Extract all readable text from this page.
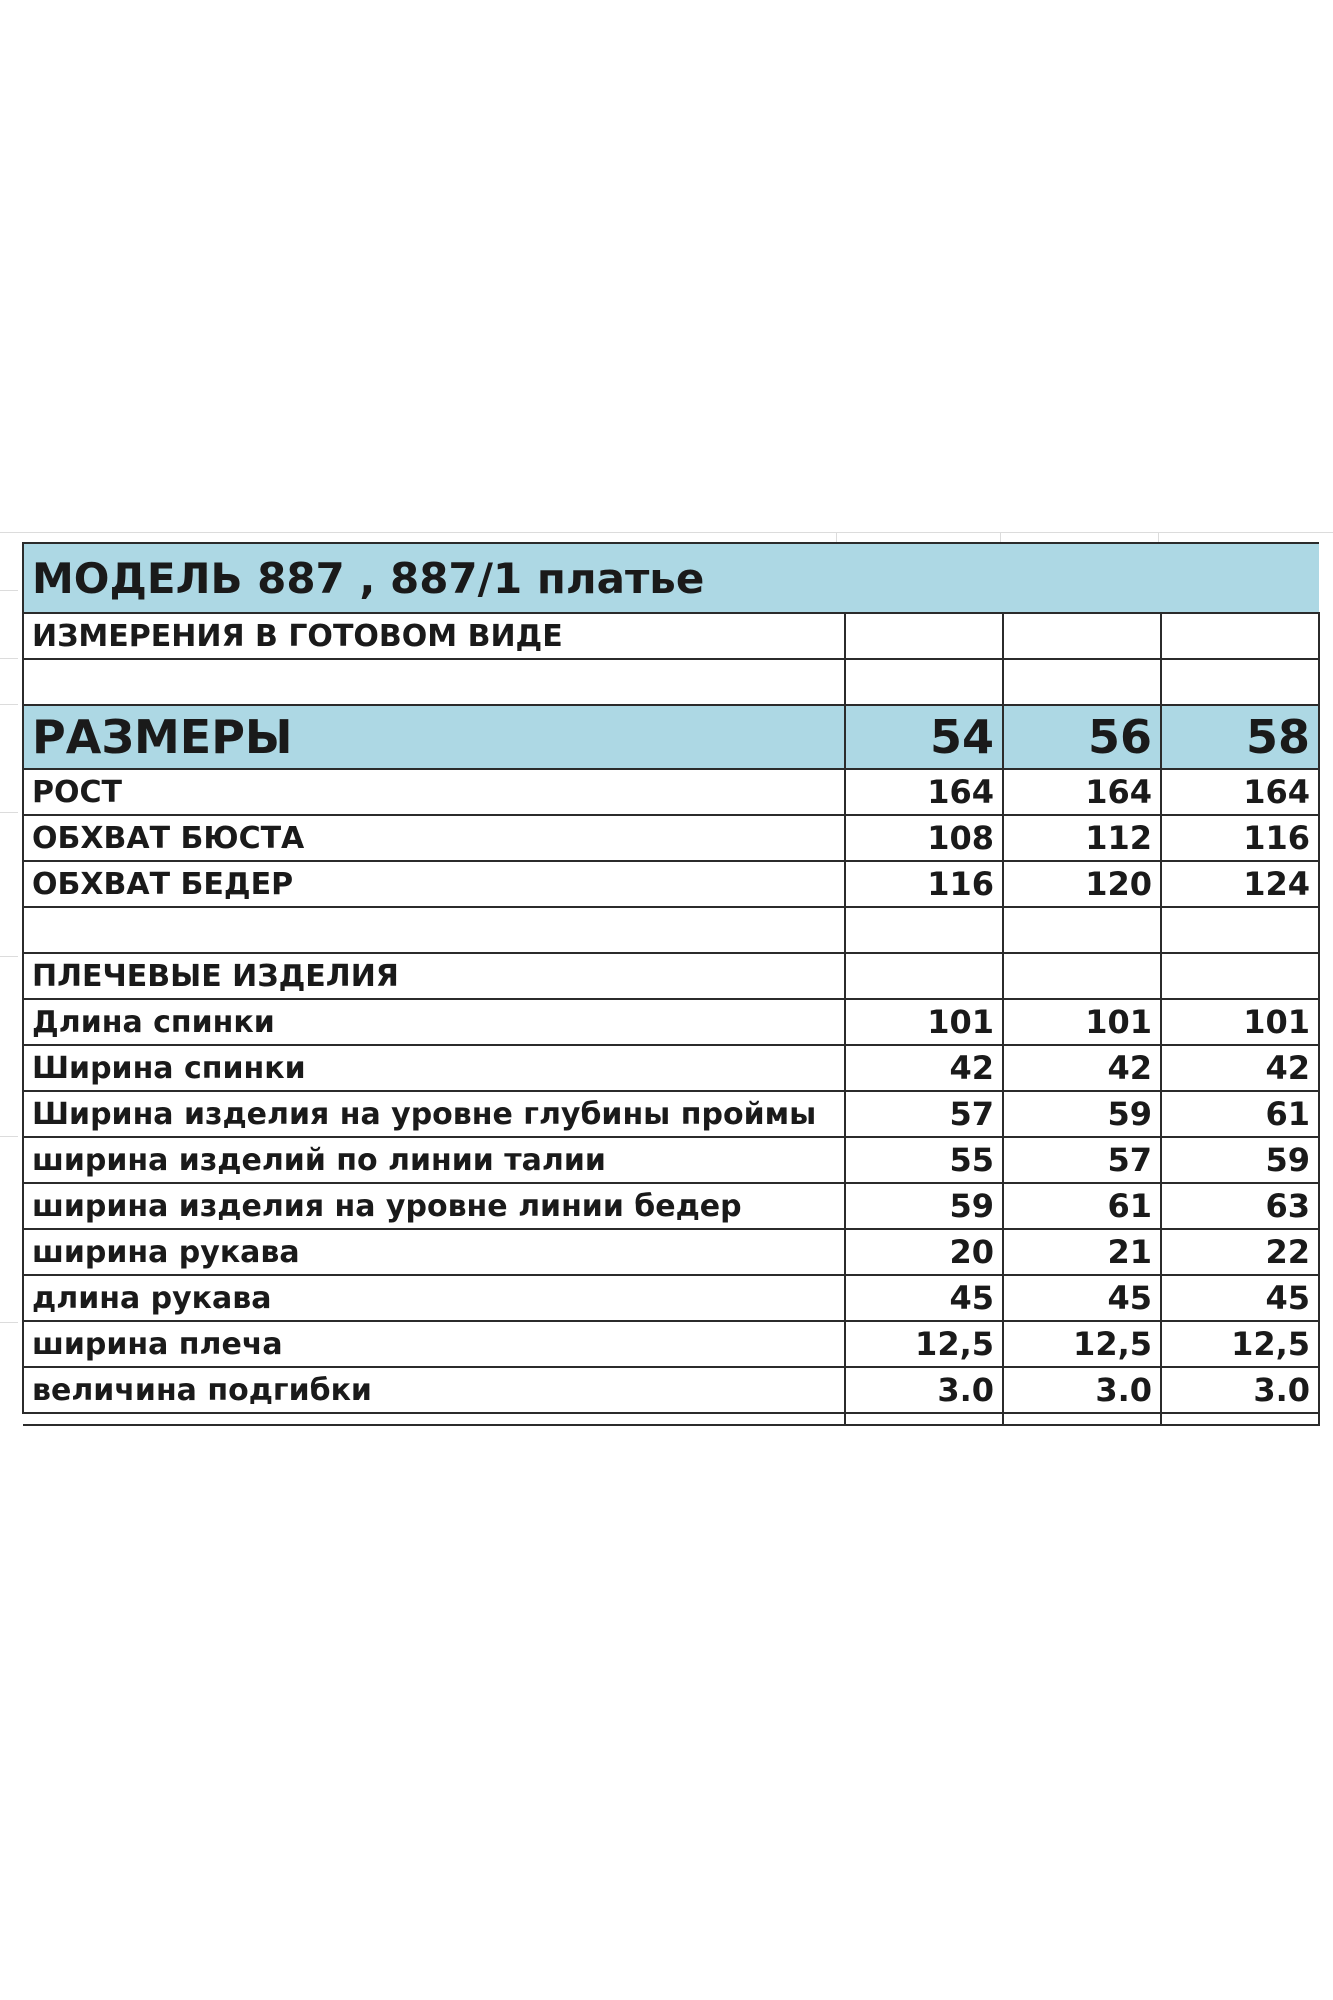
МОДЕЛЬ 887 , 887/1 платье			
ИЗМЕРЕНИЯ В ГОТОВОМ ВИДЕ			

РАЗМЕРЫ	54	56	58
РОСТ	164	164	164
ОБХВАТ БЮСТА	108	112	116
ОБХВАТ БЕДЕР	116	120	124

ПЛЕЧЕВЫЕ ИЗДЕЛИЯ			
Длина спинки	101	101	101
Ширина спинки	42	42	42
Ширина изделия на уровне глубины проймы	57	59	61
ширина изделий по линии талии	55	57	59
ширина изделия на уровне линии бедер	59	61	63
ширина рукава	20	21	22
длина рукава	45	45	45
ширина плеча	12,5	12,5	12,5
величина подгибки	3.0	3.0	3.0
